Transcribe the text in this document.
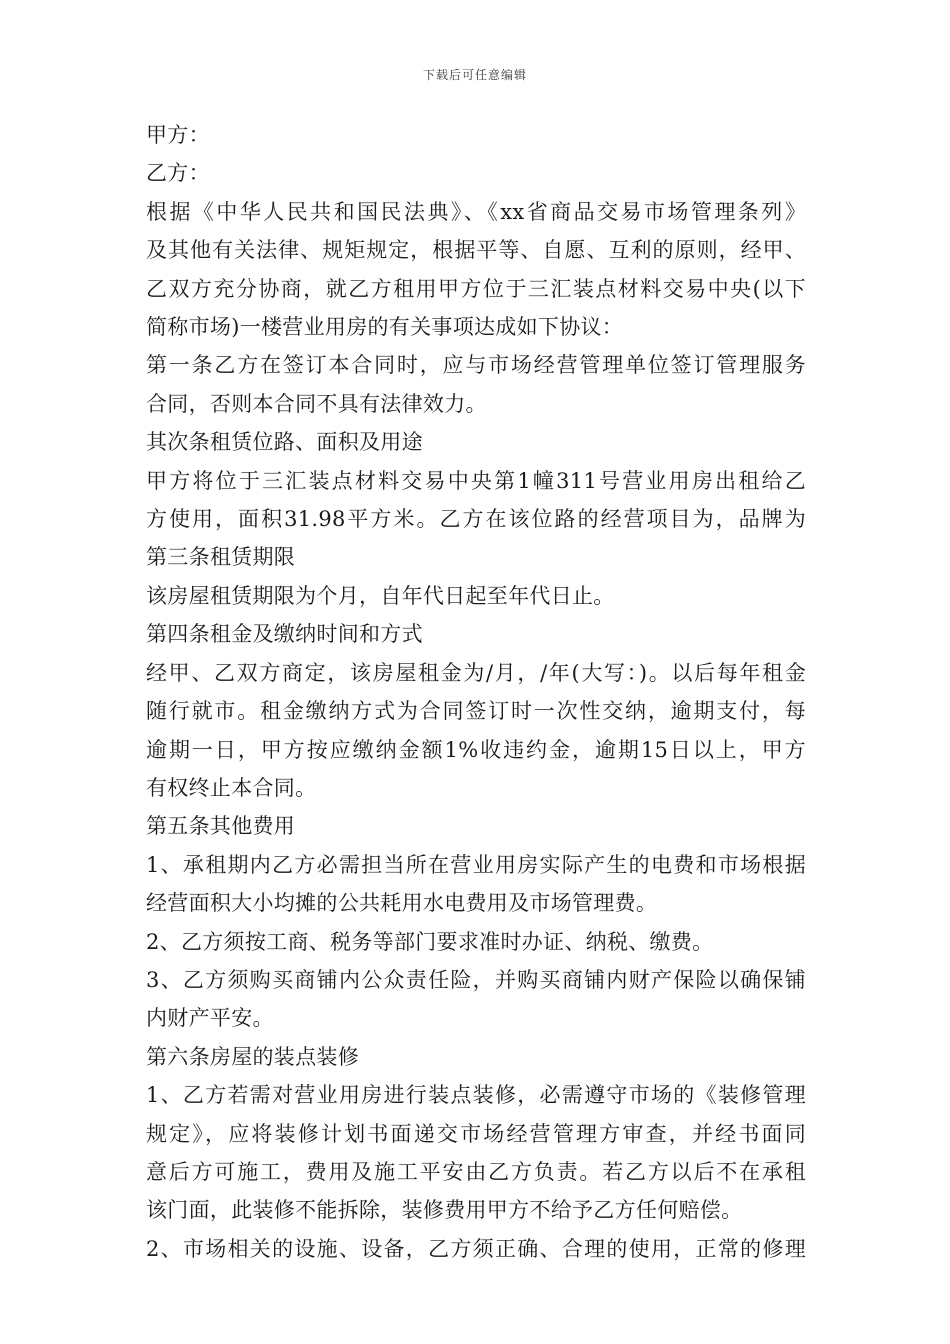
下载后可任意编辑

甲方：

乙方：

根据《中华人民共和国民法典》、《xx省商品交易市场管理条列》

及其他有关法律、规矩规定，根据平等、自愿、互利的原则，经甲、

乙双方充分协商，就乙方租用甲方位于三汇装点材料交易中央(以下

简称市场)一楼营业用房的有关事项达成如下协议：

第一条乙方在签订本合同时，应与市场经营管理单位签订管理服务

合同，否则本合同不具有法律效力。

其次条租赁位路、面积及用途

甲方将位于三汇装点材料交易中央第1幢311号营业用房出租给乙

方使用，面积31.98平方米。乙方在该位路的经营项目为，品牌为

第三条租赁期限

该房屋租赁期限为个月，自年代日起至年代日止。

第四条租金及缴纳时间和方式

经甲、乙双方商定，该房屋租金为/月，/年(大写：)。以后每年租金

随行就市。租金缴纳方式为合同签订时一次性交纳，逾期支付，每

逾期一日，甲方按应缴纳金额1%收违约金，逾期15日以上，甲方

有权终止本合同。

第五条其他费用

1、承租期内乙方必需担当所在营业用房实际产生的电费和市场根据

经营面积大小均摊的公共耗用水电费用及市场管理费。

2、乙方须按工商、税务等部门要求准时办证、纳税、缴费。

3、乙方须购买商铺内公众责任险，并购买商铺内财产保险以确保铺

内财产平安。

第六条房屋的装点装修

1、乙方若需对营业用房进行装点装修，必需遵守市场的《装修管理

规定》，应将装修计划书面递交市场经营管理方审查，并经书面同

意后方可施工，费用及施工平安由乙方负责。若乙方以后不在承租

该门面，此装修不能拆除，装修费用甲方不给予乙方任何赔偿。

2、市场相关的设施、设备，乙方须正确、合理的使用，正常的修理
